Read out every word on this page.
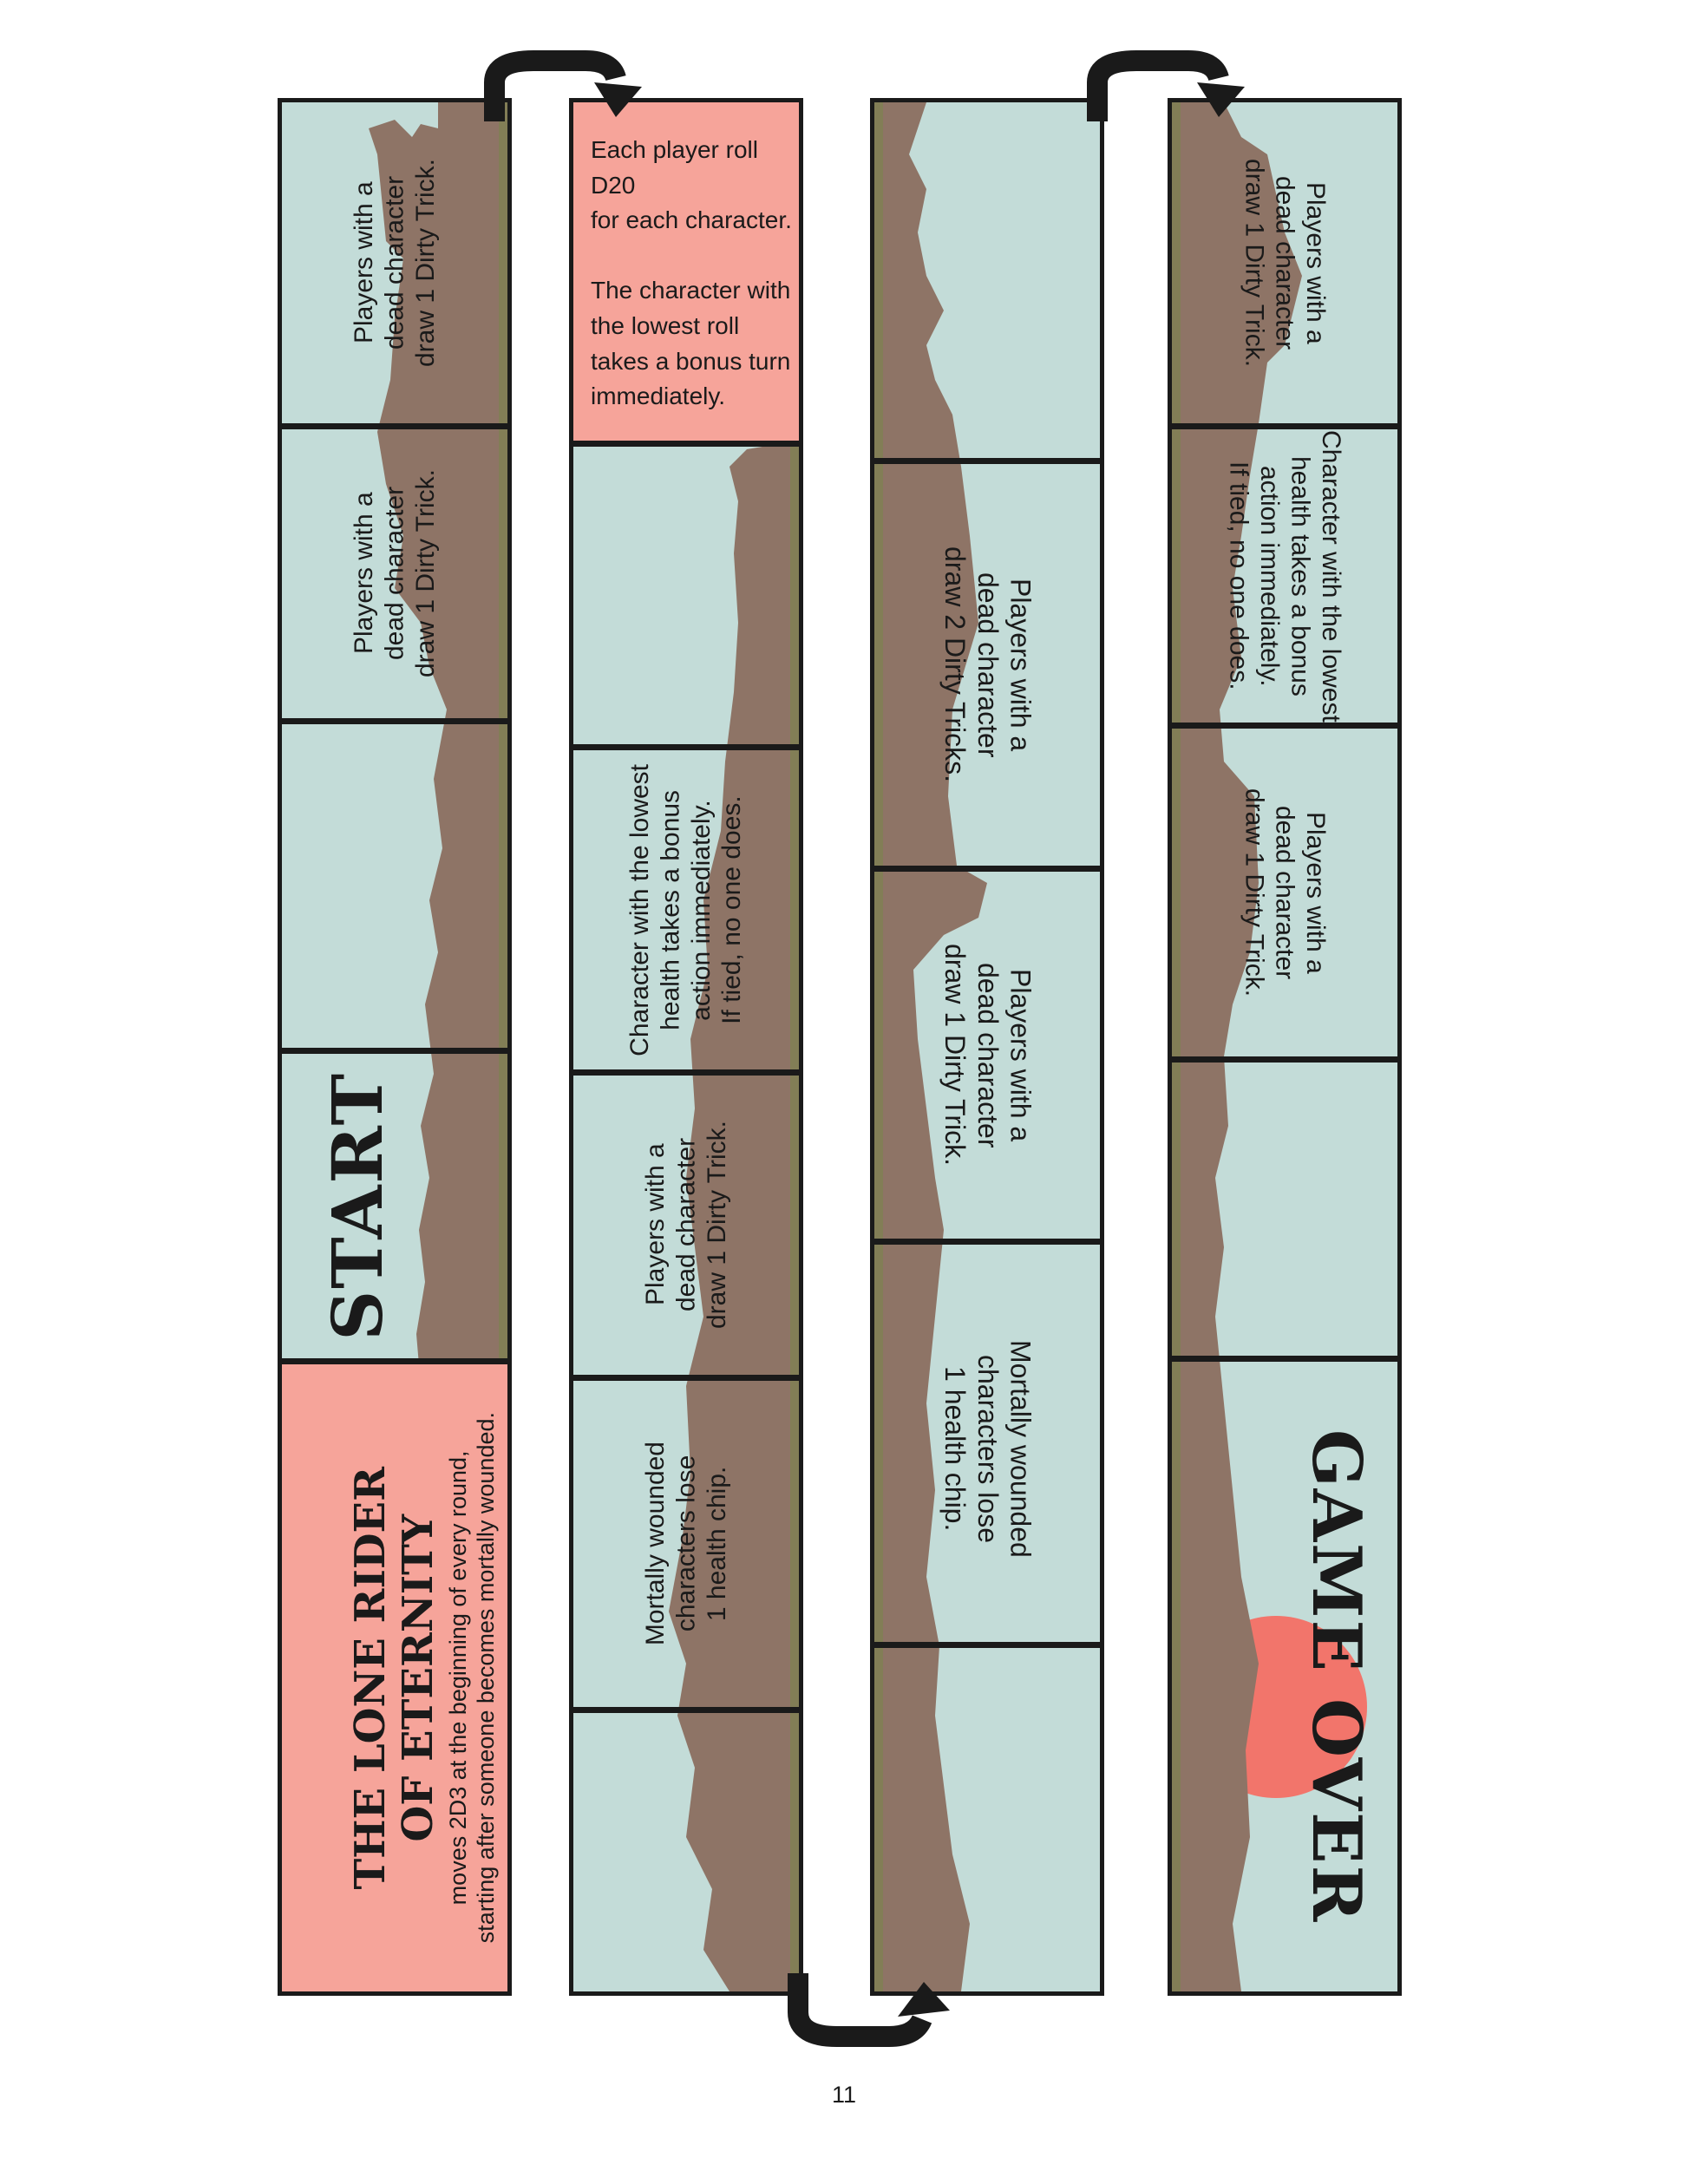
Players with a
dead character
draw 1 Dirty Trick.
Players with a
dead character
draw 1 Dirty Trick.
START
THE LONE RIDER
OF ETERNITY
moves 2D3 at the beginning of every round,
starting after someone becomes mortally wounded.
Each player roll D20
for each character.

The character with
the lowest roll
takes a bonus turn
immediately.
Character with the lowest
health takes a bonus
action immediately.
If tied, no one does.
Players with a
dead character
draw 1 Dirty Trick.
Mortally wounded
characters lose
1 health chip.
Players with a
dead character
draw 2 Dirty Tricks.
Players with a
dead character
draw 1 Dirty Trick.
Mortally wounded
characters lose
1 health chip.
Players with a
dead character
draw 1 Dirty Trick.
Character with the lowest
health takes a bonus
action immediately.
If tied, no one does.
Players with a
dead character
draw 1 Dirty Trick.
GAME OVER
11
